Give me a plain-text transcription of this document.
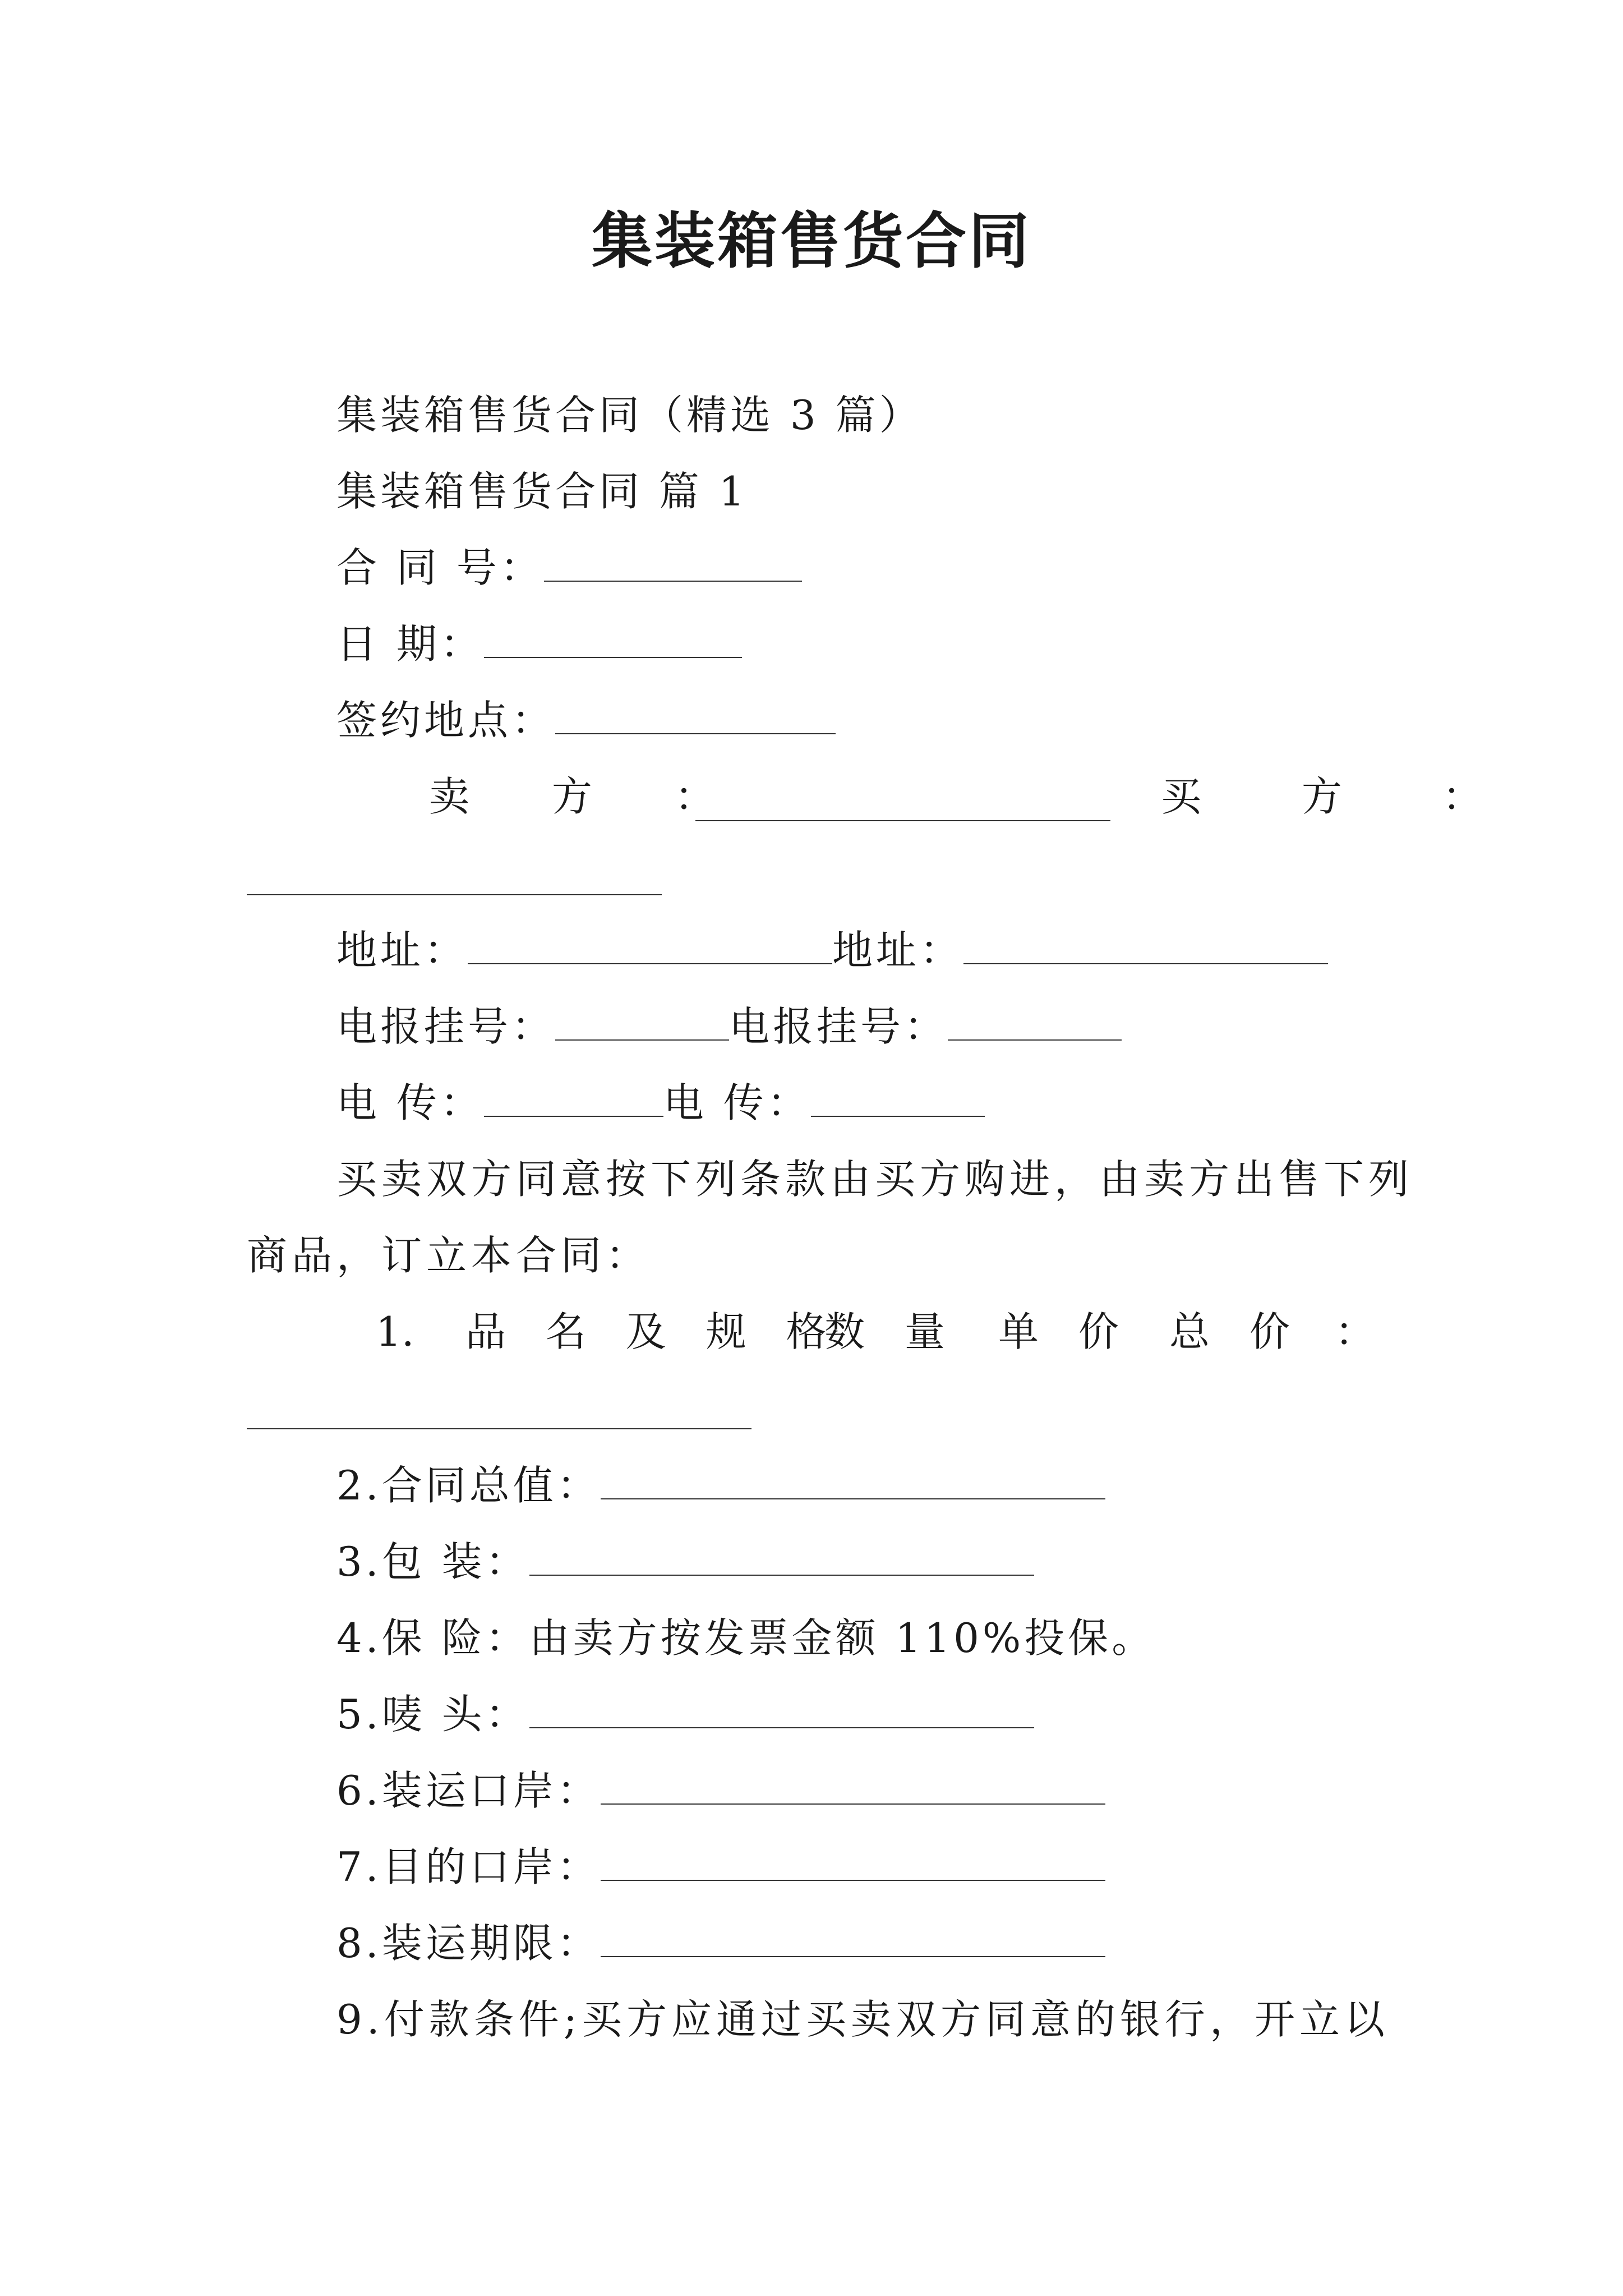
集装箱售货合同
集装箱售货合同（精选 3 篇）
集装箱售货合同 篇 1
合 同 号：
日 期：
签约地点：
卖 方 ：	买 方 ：
地址：	地址：
电报挂号：	电报挂号：
电 传：	电 传：
买卖双方同意按下列条款由买方购进，由卖方出售下列
商品，订立本合同：
1. 品 名 及 规 格
数 量 单 价 总 价 ：
2.合同总值：
3.包 装：
4.保 险：由卖方按发票金额 110%投保。
5.唛 头：
6.装运口岸：
7.目的口岸：
8.装运期限：
9.付款条件;买方应通过买卖双方同意的银行，开立以
